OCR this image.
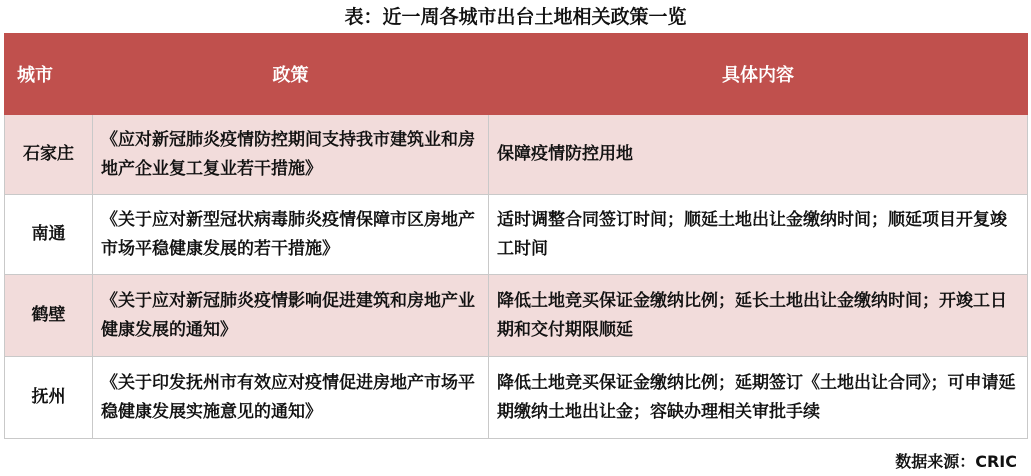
表：近一周各城市出台土地相关政策一览
城市	政策	具体内容
石家庄	《应对新冠肺炎疫情防控期间支持我市建筑业和房地产企业复工复业若干措施》	保障疫情防控用地
南通	《关于应对新型冠状病毒肺炎疫情保障市区房地产市场平稳健康发展的若干措施》	适时调整合同签订时间；顺延土地出让金缴纳时间；顺延项目开复竣工时间
鹤壁	《关于应对新冠肺炎疫情影响促进建筑和房地产业健康发展的通知》	降低土地竞买保证金缴纳比例；延长土地出让金缴纳时间；开竣工日期和交付期限顺延
抚州	《关于印发抚州市有效应对疫情促进房地产市场平稳健康发展实施意见的通知》	降低土地竞买保证金缴纳比例；延期签订《土地出让合同》；可申请延期缴纳土地出让金；容缺办理相关审批手续
数据来源：CRIC
